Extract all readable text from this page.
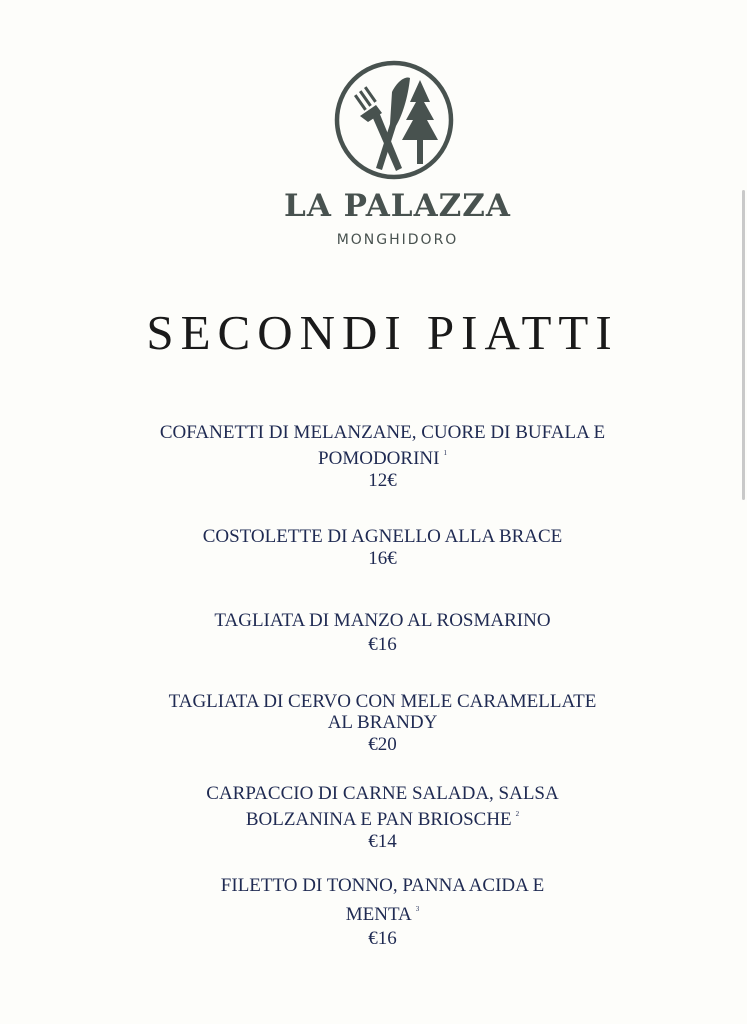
LA PALAZZA
MONGHIDORO
SECONDI PIATTI
COFANETTI DI MELANZANE, CUORE DI BUFALA E
POMODORINI $^1$
12€
COSTOLETTE DI AGNELLO ALLA BRACE
16€
TAGLIATA DI MANZO AL ROSMARINO
€16
TAGLIATA DI CERVO CON MELE CARAMELLATE
AL BRANDY
€20
CARPACCIO DI CARNE SALADA, SALSA
BOLZANINA E PAN BRIOSCHE $^2$
€14
FILETTO DI TONNO, PANNA ACIDA E
MENTA $^3$
€16
